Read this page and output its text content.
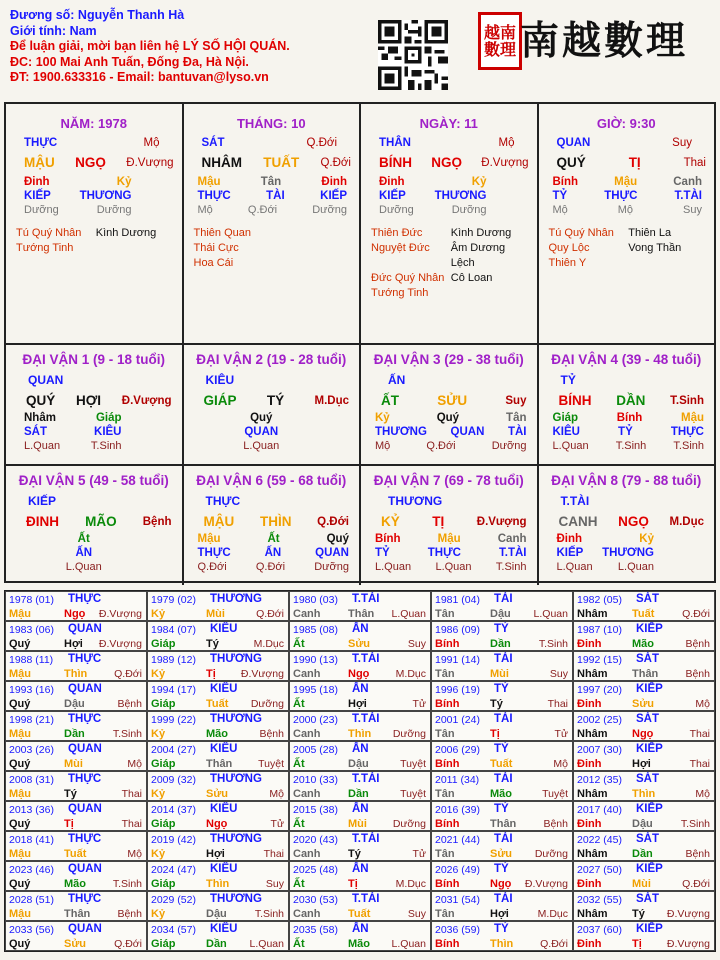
Đương số: Nguyễn Thanh Hà
Giới tính: Nam
Để luận giải, mời bạn liên hệ LÝ SỐ HỘI QUÁN.
ĐC: 100 Mai Anh Tuấn, Đống Đa, Hà Nội.
ĐT: 1900.633316 - Email: bantuvan@lyso.vn
越 南
數 理 南越數理
NĂM: 1978
THỰC	Mộ
MẬU NGỌ Đ.Vượng
Đinh	Kỷ
KIẾP THƯƠNG
Dưỡng	Dưỡng
Tú Quý Nhân	Kình Dương
Tướng Tinh
THÁNG: 10
SÁT	Q.Đới
NHÂM TUẤT Q.Đới
Mậu	Tân	Đinh
THỰC	TÀI	KIẾP
Mộ	Q.Đới	Dưỡng
Thiên Quan
Thái Cực
Hoa Cái
NGÀY: 11
THÂN	Mộ
BÍNH NGỌ Đ.Vượng
Đinh	Kỷ
KIẾP THƯƠNG
Dưỡng	Dưỡng
Thiên Đức	Kình Dương
Nguyệt Đức	Âm Dương Lệch
Đức Quý Nhân Cô Loan
Tướng Tinh
GIỜ: 9:30
QUAN	Suy
QUÝ	TỊ	Thai
Bính	Mậu	Canh
TỶ	THỰC	T.TÀI
Mộ	Mộ	Suy
Tú Quý Nhân	Thiên La
Quy Lộc	Vong Thần
Thiên Y
ĐẠI VẬN 1 (9 - 18 tuổi)
QUAN
QUÝ HỢI Đ.Vượng
Nhâm	Giáp
SÁT	KIÊU
L.Quan	T.Sinh
ĐẠI VẬN 2 (19 - 28 tuổi)
KIÊU
GIÁP TÝ	M.Dục
Quý
QUAN
L.Quan
ĐẠI VẬN 3 (29 - 38 tuổi)
ẤN
ẤT	SỬU	Suy
Kỷ	Quý	Tân
THƯƠNG QUAN TÀI
Mộ	Q.Đới	Dưỡng
ĐẠI VẬN 4 (39 - 48 tuổi)
TỶ
BÍNH DẦN T.Sinh
Giáp	Bính	Mậu
KIÊU	TỶ	THỰC
L.Quan T.Sinh T.Sinh
ĐẠI VẬN 5 (49 - 58 tuổi)
KIẾP
ĐINH MÃO Bệnh
Ất
ẤN
L.Quan
ĐẠI VẬN 6 (59 - 68 tuổi)
THỰC
MẬU THÌN Q.Đới
Mậu	Ất	Quý
THỰC	ẤN	QUAN
Q.Đới	Q.Đới	Dưỡng
ĐẠI VẬN 7 (69 - 78 tuổi)
THƯƠNG
KỶ TỊ	Đ.Vượng
Bính	Mậu	Canh
TỶ	THỰC	T.TÀI
L.Quan L.Quan T.Sinh
ĐẠI VẬN 8 (79 - 88 tuổi)
T.TÀI
CANH NGỌ M.Dục
Đinh	Kỷ
KIẾP THƯƠNG
L.Quan L.Quan
1978 (01) THỰC
Mậu	Ngọ Đ.Vượng
1979 (02) THƯƠNG
Kỷ	Mùi	Q.Đới
1980 (03) T.TÀI
Canh	Thân L.Quan
1981 (04) TÀI
Tân	Dậu L.Quan
1982 (05) SÁT
Nhâm Tuất	Q.Đới
1983 (06) QUAN
Quý	Hợi Đ.Vượng
1984 (07) KIÊU
Giáp	Tý	M.Dục
1985 (08) ẤN
Ất	Sửu	Suy
1986 (09) TỶ
Bính	Dần	T.Sinh
1987 (10) KIẾP
Đinh	Mão	Bệnh
1988 (11) THỰC
Mậu	Thìn	Q.Đới
1989 (12) THƯƠNG
Kỷ	Tị Đ.Vượng
1990 (13) T.TÀI
Canh	Ngọ	M.Dục
1991 (14) TÀI
Tân	Mùi	Suy
1992 (15) SÁT
Nhâm Thân	Bệnh
1993 (16) QUAN
Quý	Dậu	Bệnh
1994 (17) KIÊU
Giáp	Tuất Dưỡng
1995 (18) ẤN
Ất	Hợi	Tử
1996 (19) TỶ
Bính	Tý	Thai
1997 (20) KIẾP
Đinh	Sửu	Mộ
1998 (21) THỰC
Mậu	Dần	T.Sinh
1999 (22) THƯƠNG
Kỷ	Mão	Bệnh
2000 (23) T.TÀI
Canh	Thìn Dưỡng
2001 (24) TÀI
Tân	Tị	Tử
2002 (25) SÁT
Nhâm Ngọ	Thai
2003 (26) QUAN
Quý	Mùi	Mộ
2004 (27) KIÊU
Giáp	Thân Tuyệt
2005 (28) ẤN
Ất	Dậu	Tuyệt
2006 (29) TỶ
Bính	Tuất	Mộ
2007 (30) KIẾP
Đinh	Hợi	Thai
2008 (31) THỰC
Mậu	Tý	Thai
2009 (32) THƯƠNG
Kỷ	Sửu	Mộ
2010 (33) T.TÀI
Canh	Dần	Tuyệt
2011 (34) TÀI
Tân	Mão	Tuyệt
2012 (35) SÁT
Nhâm Thìn	Mộ
2013 (36) QUAN
Quý	Tị	Thai
2014 (37) KIÊU
Giáp	Ngọ	Tử
2015 (38) ẤN
Ất	Mùi Dưỡng
2016 (39) TỶ
Bính	Thân	Bệnh
2017 (40) KIẾP
Đinh	Dậu	T.Sinh
2018 (41) THỰC
Mậu	Tuất	Mộ
2019 (42) THƯƠNG
Kỷ	Hợi	Thai
2020 (43) T.TÀI
Canh	Tý	Tử
2021 (44) TÀI
Tân	Sửu Dưỡng
2022 (45) SÁT
Nhâm Dần	Bệnh
2023 (46) QUAN
Quý	Mão	T.Sinh
2024 (47) KIÊU
Giáp	Thìn	Suy
2025 (48) ẤN
Ất	Tị	M.Dục
2026 (49) TỶ
Bính	Ngọ Đ.Vượng
2027 (50) KIẾP
Đinh	Mùi	Q.Đới
2028 (51) THỰC
Mậu	Thân	Bệnh
2029 (52) THƯƠNG
Kỷ	Dậu	T.Sinh
2030 (53) T.TÀI
Canh	Tuất	Suy
2031 (54) TÀI
Tân	Hợi	M.Dục
2032 (55) SÁT
Nhâm Tý Đ.Vượng
2033 (56) QUAN
Quý	Sửu	Q.Đới
2034 (57) KIÊU
Giáp	Dần L.Quan
2035 (58) ẤN
Ất	Mão L.Quan
2036 (59) TỶ
Bính	Thìn	Q.Đới
2037 (60) KIẾP
Đinh	Tị Đ.Vượng
